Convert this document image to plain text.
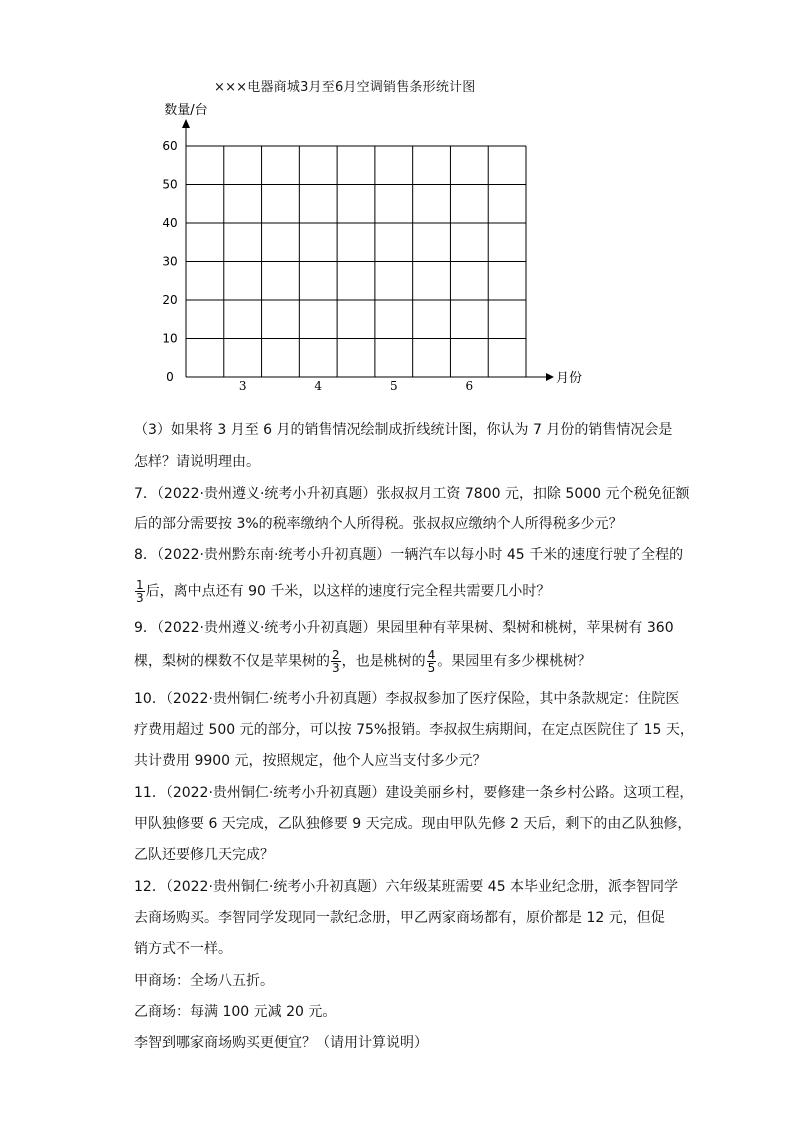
×××电器商城3月至6月空调销售条形统计图
0
10
20
30
40
50
60
数量/台
月份
3	4	5	6
（3）如果将 3 月至 6 月的销售情况绘制成折线统计图，你认为 7 月份的销售情况会是
怎样？请说明理由。
7．（2022·贵州遵义·统考小升初真题）张叔叔月工资 7800 元，扣除 5000 元个税免征额
后的部分需要按 3%的税率缴纳个人所得税。张叔叔应缴纳个人所得税多少元？
8．（2022·贵州黔东南·统考小升初真题）一辆汽车以每小时 45 千米的速度行驶了全程的
$\frac{1}{3}$ 后，离中点还有 90 千米，以这样的速度行完全程共需要几小时？
9．（2022·贵州遵义·统考小升初真题）果园里种有苹果树、梨树和桃树，苹果树有 360
棵，梨树的棵数不仅是苹果树的 $\frac{2}{3}$ ，也是桃树的 $\frac{4}{5}$ 。果园里有多少棵桃树？
10．（2022·贵州铜仁·统考小升初真题）李叔叔参加了医疗保险，其中条款规定：住院医
疗费用超过 500 元的部分，可以按 75%报销。李叔叔生病期间，在定点医院住了 15 天，
共计费用 9900 元，按照规定，他个人应当支付多少元？
11．（2022·贵州铜仁·统考小升初真题）建设美丽乡村，要修建一条乡村公路。这项工程，
甲队独修要 6 天完成，乙队独修要 9 天完成。现由甲队先修 2 天后，剩下的由乙队独修，
乙队还要修几天完成？
12．（2022·贵州铜仁·统考小升初真题）六年级某班需要 45 本毕业纪念册，派李智同学
去商场购买。李智同学发现同一款纪念册，甲乙两家商场都有，原价都是 12 元，但促
销方式不一样。
甲商场：全场八五折。
乙商场：每满 100 元减 20 元。
李智到哪家商场购买更便宜？（请用计算说明）
